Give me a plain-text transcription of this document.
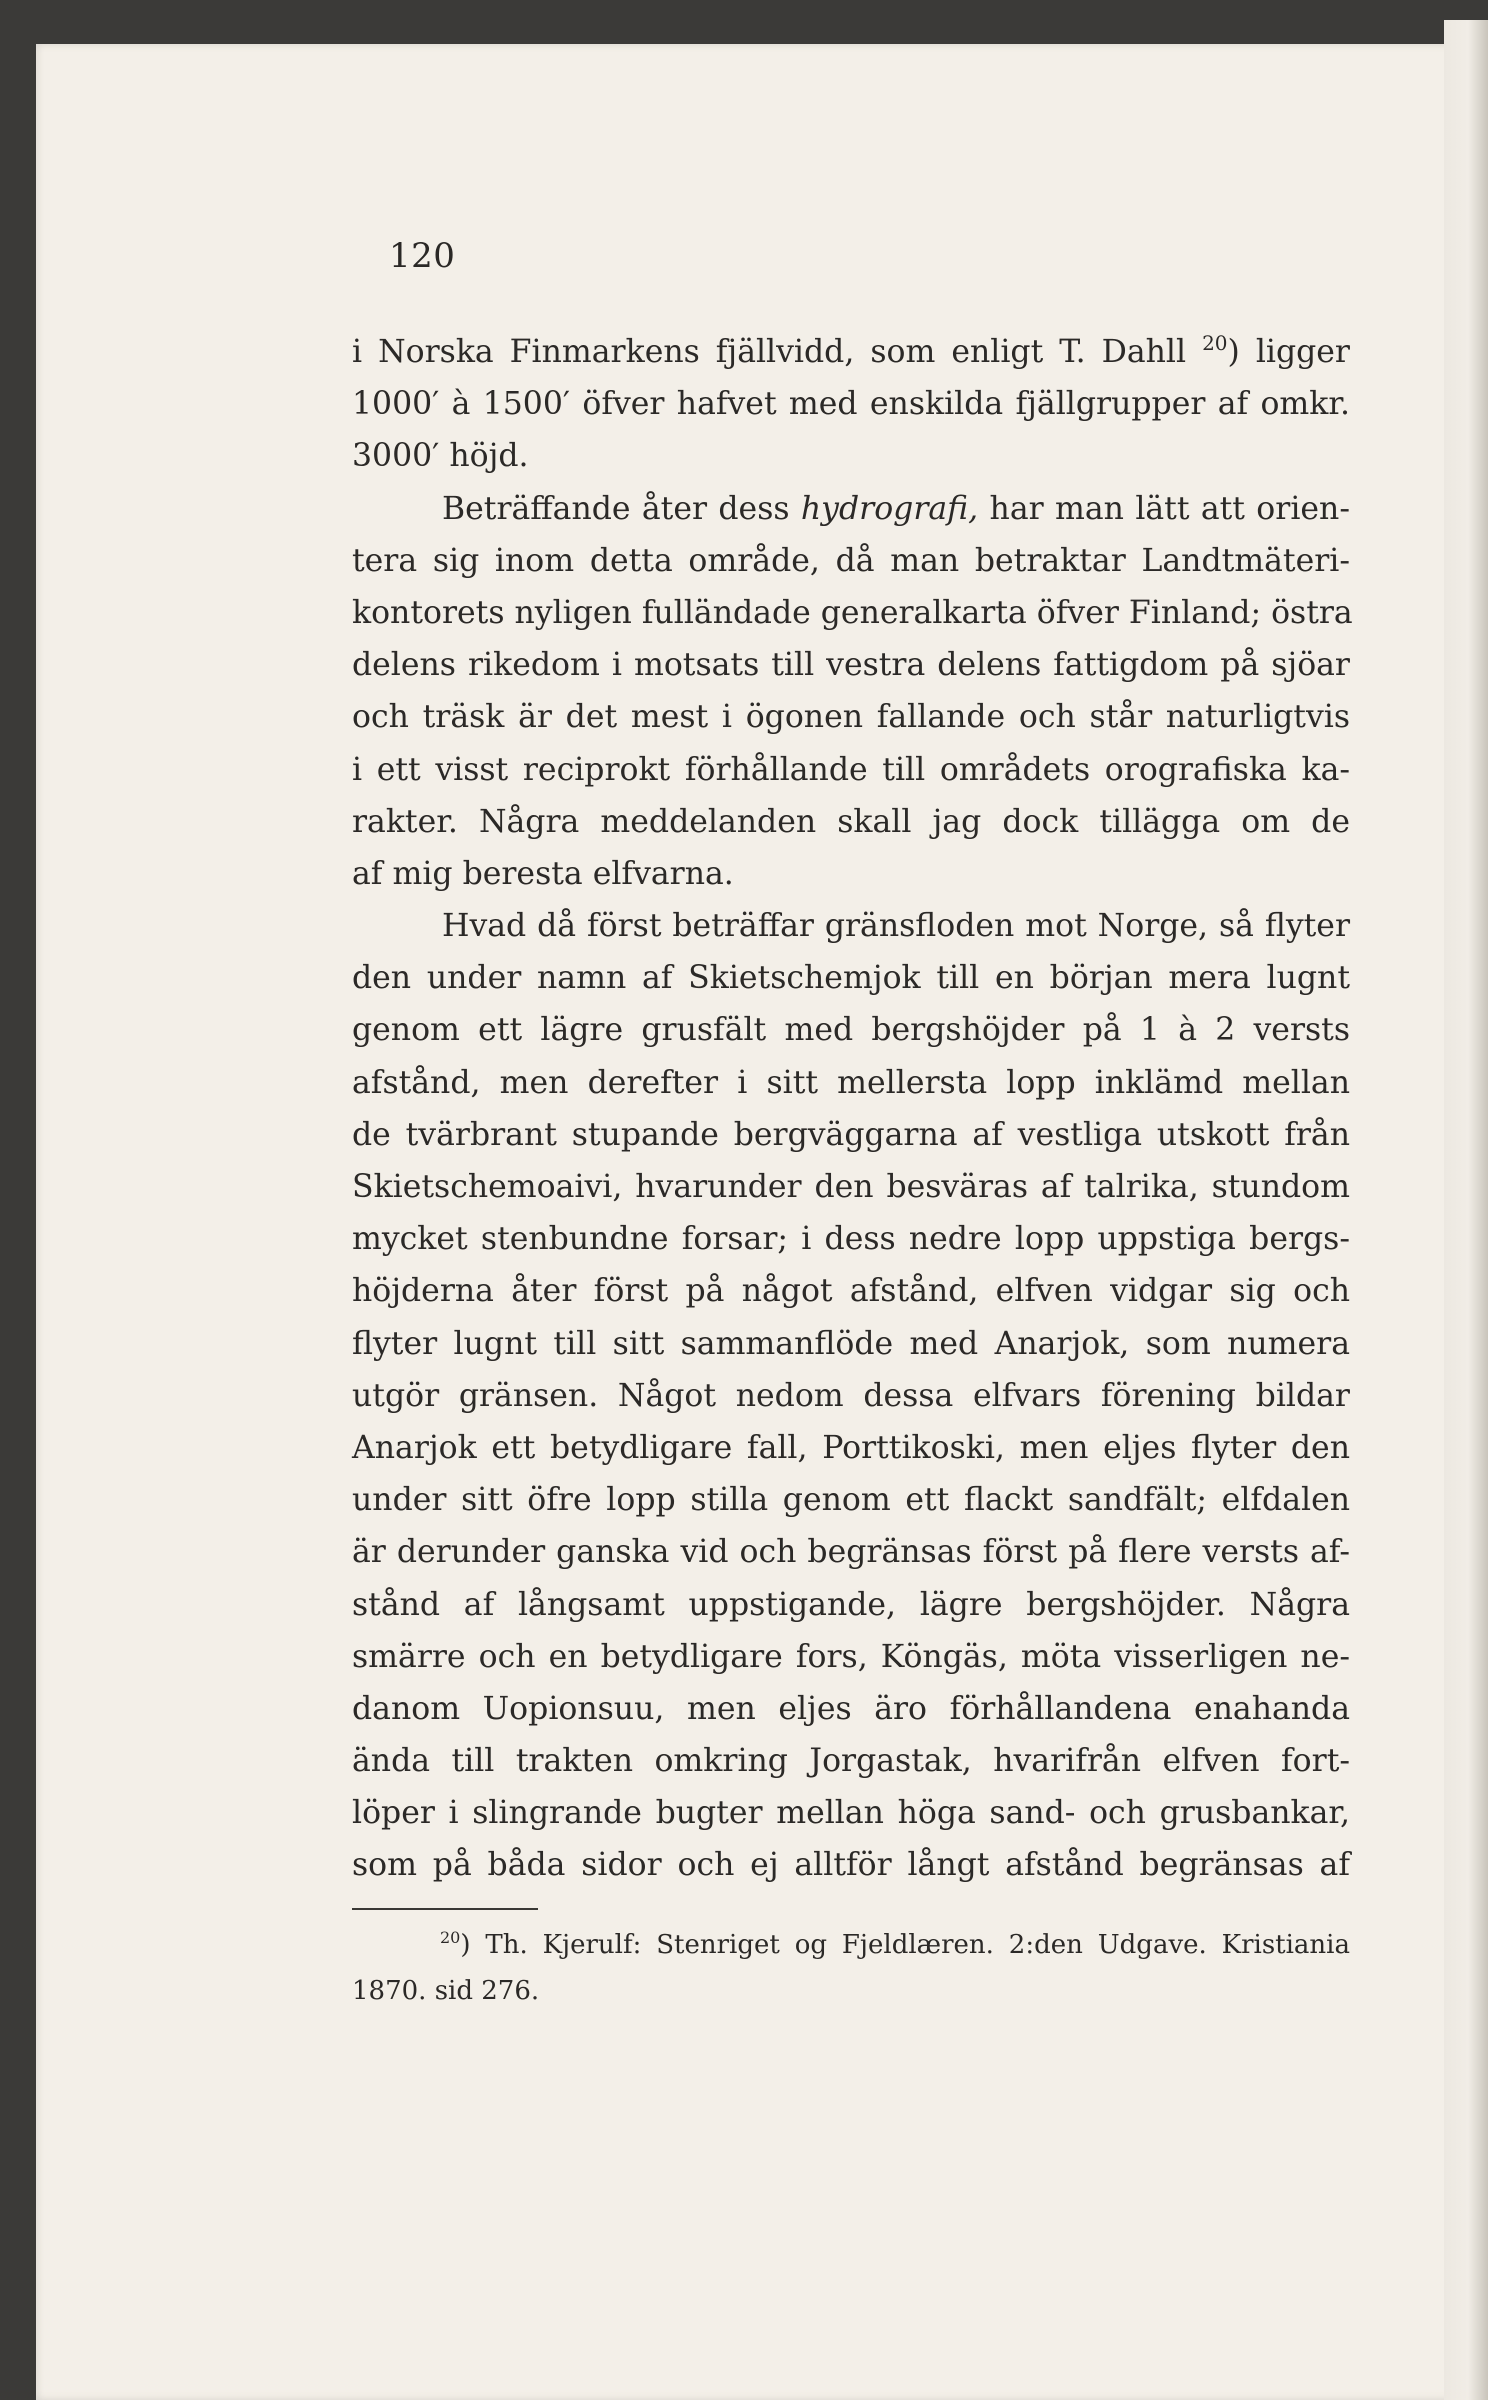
120
i Norska Finmarkens fjällvidd, som enligt T. Dahll $^{20}$) ligger
1000′ à 1500′ öfver hafvet med enskilda fjällgrupper af omkr.
3000′ höjd.
Beträffande åter dess hydrografi, har man lätt att orien-
tera sig inom detta område, då man betraktar Landtmäteri-
kontorets nyligen fulländade generalkarta öfver Finland; östra
delens rikedom i motsats till vestra delens fattigdom på sjöar
och träsk är det mest i ögonen fallande och står naturligtvis
i ett visst reciprokt förhållande till områdets orografiska ka-
rakter. Några meddelanden skall jag dock tillägga om de
af mig beresta elfvarna.
Hvad då först beträffar gränsfloden mot Norge, så flyter
den under namn af Skietschemjok till en början mera lugnt
genom ett lägre grusfält med bergshöjder på 1 à 2 versts
afstånd, men derefter i sitt mellersta lopp inklämd mellan
de tvärbrant stupande bergväggarna af vestliga utskott från
Skietschemoaivi, hvarunder den besväras af talrika, stundom
mycket stenbundne forsar; i dess nedre lopp uppstiga bergs-
höjderna åter först på något afstånd, elfven vidgar sig och
flyter lugnt till sitt sammanflöde med Anarjok, som numera
utgör gränsen. Något nedom dessa elfvars förening bildar
Anarjok ett betydligare fall, Porttikoski, men eljes flyter den
under sitt öfre lopp stilla genom ett flackt sandfält; elfdalen
är derunder ganska vid och begränsas först på flere versts af-
stånd af långsamt uppstigande, lägre bergshöjder. Några
smärre och en betydligare fors, Köngäs, möta visserligen ne-
danom Uopionsuu, men eljes äro förhållandena enahanda
ända till trakten omkring Jorgastak, hvarifrån elfven fort-
löper i slingrande bugter mellan höga sand- och grusbankar,
som på båda sidor och ej alltför långt afstånd begränsas af
$^{20}$) Th. Kjerulf: Stenriget og Fjeldlæren. 2:den Udgave. Kristiania
1870. sid 276.
